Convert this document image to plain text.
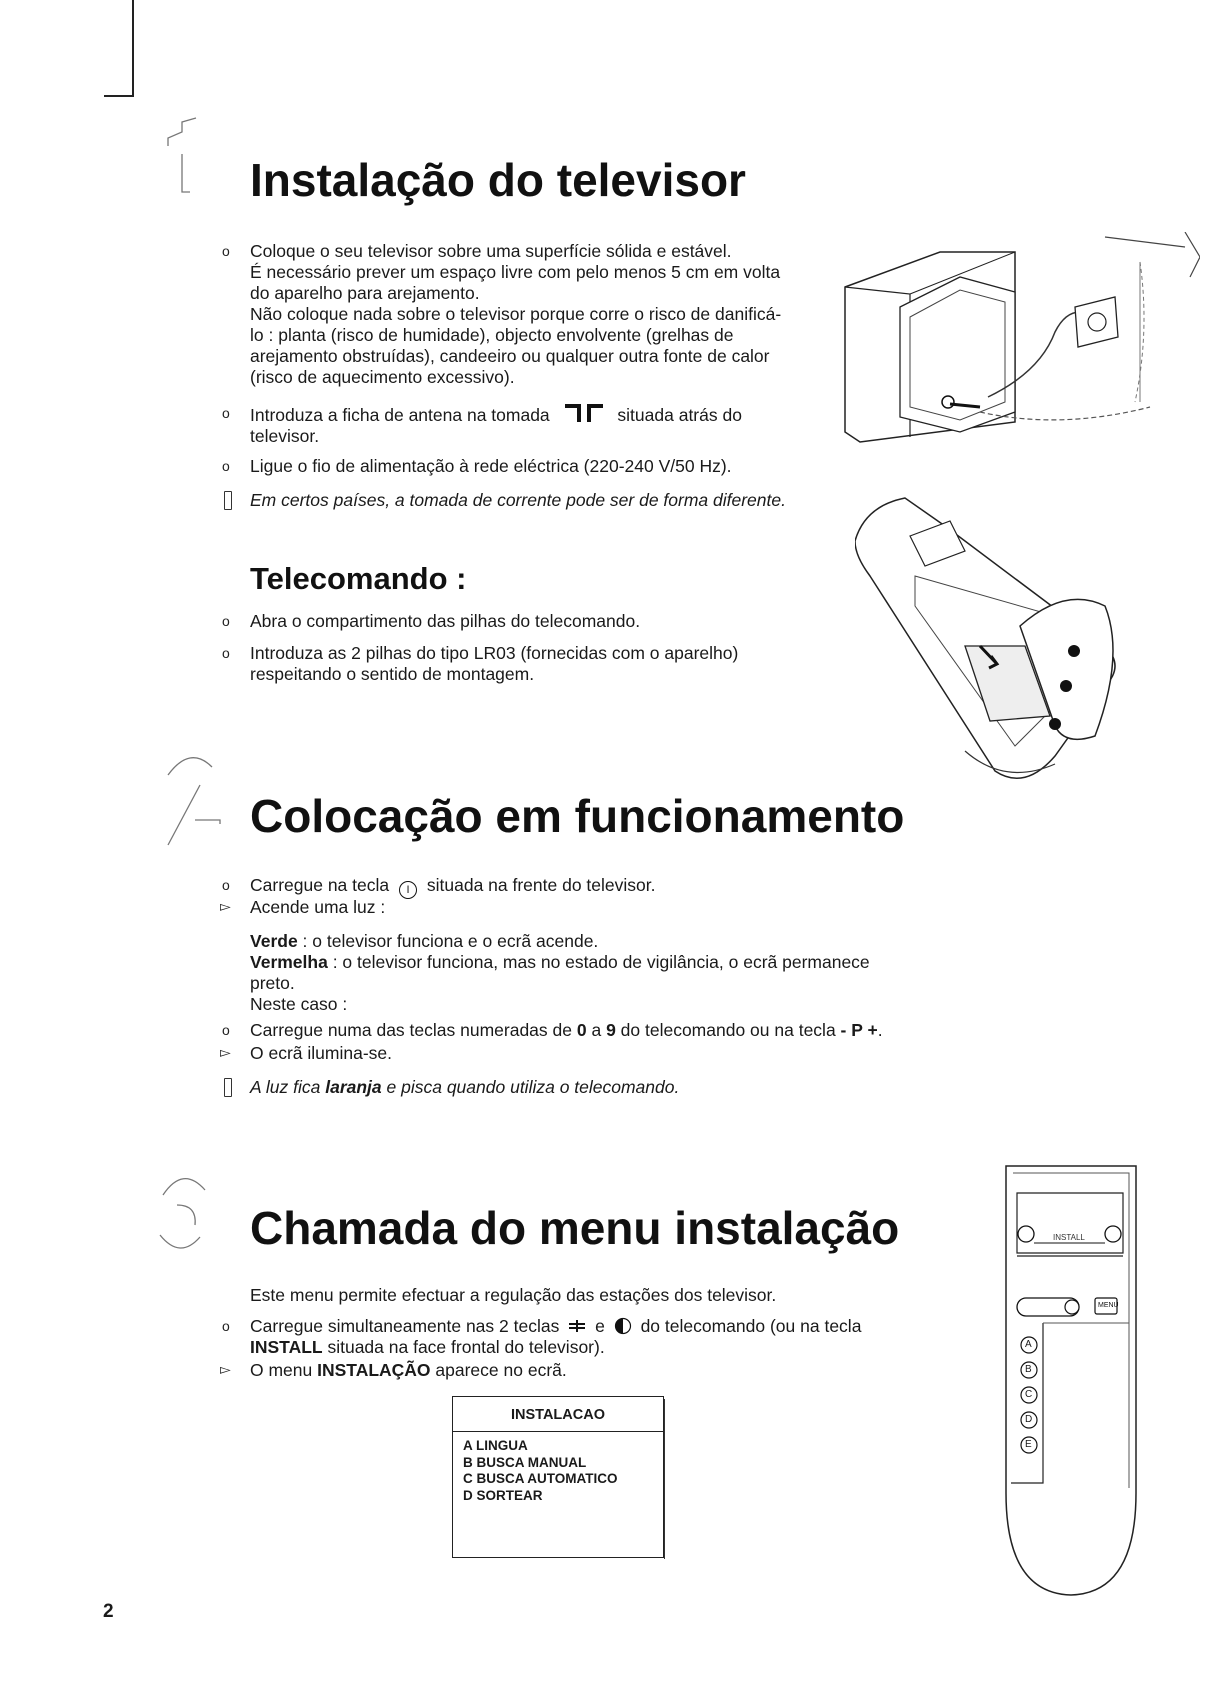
Instalação do televisor
o Coloque o seu televisor sobre uma superfície sólida e estável.
É necessário prever um espaço livre com pelo menos 5 cm em volta
do aparelho para arejamento.
Não coloque nada sobre o televisor porque corre o risco de danificá-
lo : planta (risco de humidade), objecto envolvente (grelhas de
arejamento obstruídas), candeeiro ou qualquer outra fonte de calor
(risco de aquecimento excessivo).
o Introduza a ficha de antena na tomada	situada atrás do
televisor.
o Ligue o fio de alimentação à rede eléctrica (220-240 V/50 Hz).
Em certos países, a tomada de corrente pode ser de forma diferente.
Telecomando :
o Abra o compartimento das pilhas do telecomando.
o Introduza as 2 pilhas do tipo LR03 (fornecidas com o aparelho)
respeitando o sentido de montagem.
Colocação em funcionamento
o Carregue na tecla I situada na frente do televisor.
▻ Acende uma luz :
Verde : o televisor funciona e o ecrã acende.
Vermelha : o televisor funciona, mas no estado de vigilância, o ecrã permanece
preto.
Neste caso :
o Carregue numa das teclas numeradas de 0 a 9 do telecomando ou na tecla - P +.
▻ O ecrã ilumina-se.
A luz fica laranja e pisca quando utiliza o telecomando.
Chamada do menu instalação
Este menu permite efectuar a regulação das estações dos televisor.
o Carregue simultaneamente nas 2 teclas e do telecomando (ou na tecla
INSTALL situada na face frontal do televisor).
▻ O menu INSTALAÇÃO aparece no ecrã.
INSTALACAO
A LINGUA
B BUSCA MANUAL
C BUSCA AUTOMATICO
D SORTEAR
INSTALL
MENU
A
B
C
D
E
2
